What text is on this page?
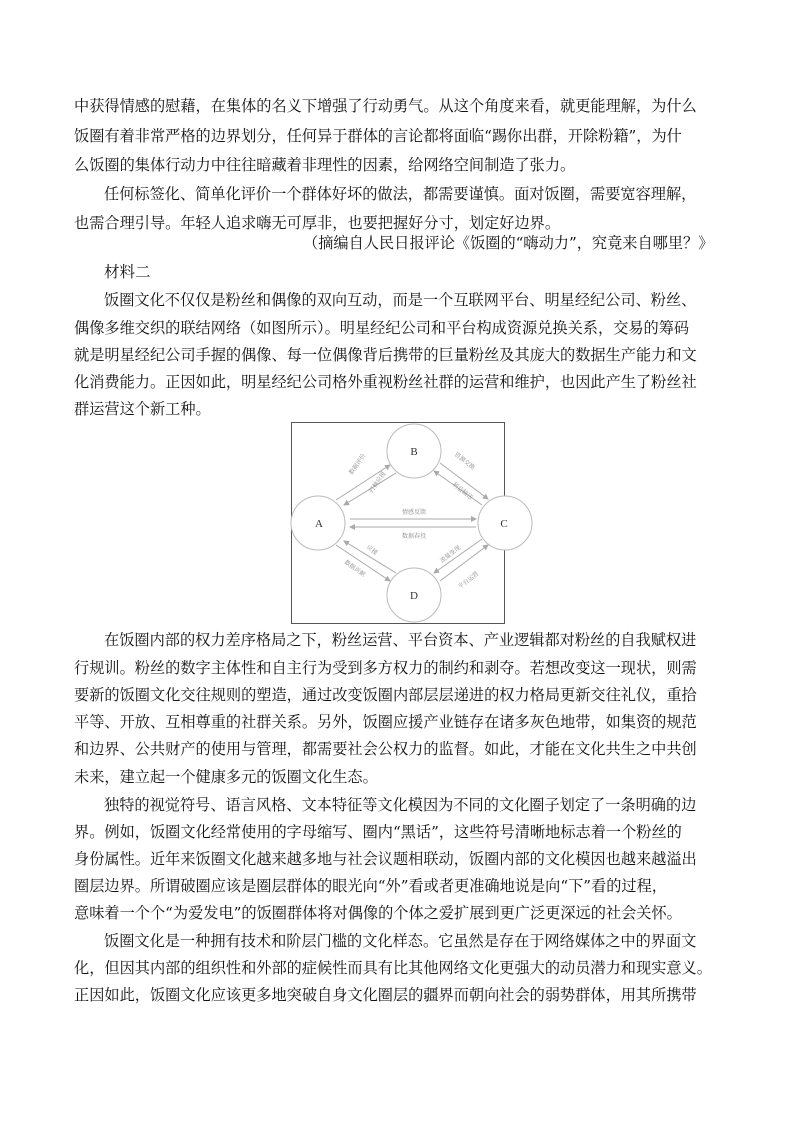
中获得情感的慰藉，在集体的名义下增强了行动勇气。从这个角度来看，就更能理解，为什么
饭圈有着非常严格的边界划分，任何异于群体的言论都将面临“踢你出群，开除粉籍”，为什
么饭圈的集体行动力中往往暗藏着非理性的因素，给网络空间制造了张力。
任何标签化、简单化评价一个群体好坏的做法，都需要谨慎。面对饭圈，需要宽容理解，
也需合理引导。年轻人追求嗨无可厚非，也要把握好分寸，划定好边界。
（摘编自人民日报评论《饭圈的“嗨动力”，究竟来自哪里？》
材料二
饭圈文化不仅仅是粉丝和偶像的双向互动，而是一个互联网平台、明星经纪公司、粉丝、
偶像多维交织的联结网络（如图所示）。明星经纪公司和平台构成资源兑换关系，交易的筹码
就是明星经纪公司手握的偶像、每一位偶像背后携带的巨量粉丝及其庞大的数据生产能力和文
化消费能力。正因如此，明星经纪公司格外重视粉丝社群的运营和维护，也因此产生了粉丝社
群运营这个新工种。
B
A	C
D
情感反馈
数据春投
数据评价
打榜应援
资源交换
利益输送
应援
数据贡献
流量变现
平台运营
在饭圈内部的权力差序格局之下，粉丝运营、平台资本、产业逻辑都对粉丝的自我赋权进
行规训。粉丝的数字主体性和自主行为受到多方权力的制约和剥夺。若想改变这一现状，则需
要新的饭圈文化交往规则的塑造，通过改变饭圈内部层层递进的权力格局更新交往礼仪，重拾
平等、开放、互相尊重的社群关系。另外，饭圈应援产业链存在诸多灰色地带，如集资的规范
和边界、公共财产的使用与管理，都需要社会公权力的监督。如此，才能在文化共生之中共创
未来，建立起一个健康多元的饭圈文化生态。
独特的视觉符号、语言风格、文本特征等文化模因为不同的文化圈子划定了一条明确的边
界。例如，饭圈文化经常使用的字母缩写、圈内“黑话”，这些符号清晰地标志着一个粉丝的
身份属性。近年来饭圈文化越来越多地与社会议题相联动，饭圈内部的文化模因也越来越溢出
圈层边界。所谓破圈应该是圈层群体的眼光向“外”看或者更准确地说是向“下”看的过程，
意味着一个个“为爱发电”的饭圈群体将对偶像的个体之爱扩展到更广泛更深远的社会关怀。
饭圈文化是一种拥有技术和阶层门槛的文化样态。它虽然是存在于网络媒体之中的界面文
化，但因其内部的组织性和外部的症候性而具有比其他网络文化更强大的动员潜力和现实意义。
正因如此，饭圈文化应该更多地突破自身文化圈层的疆界而朝向社会的弱势群体，用其所携带
